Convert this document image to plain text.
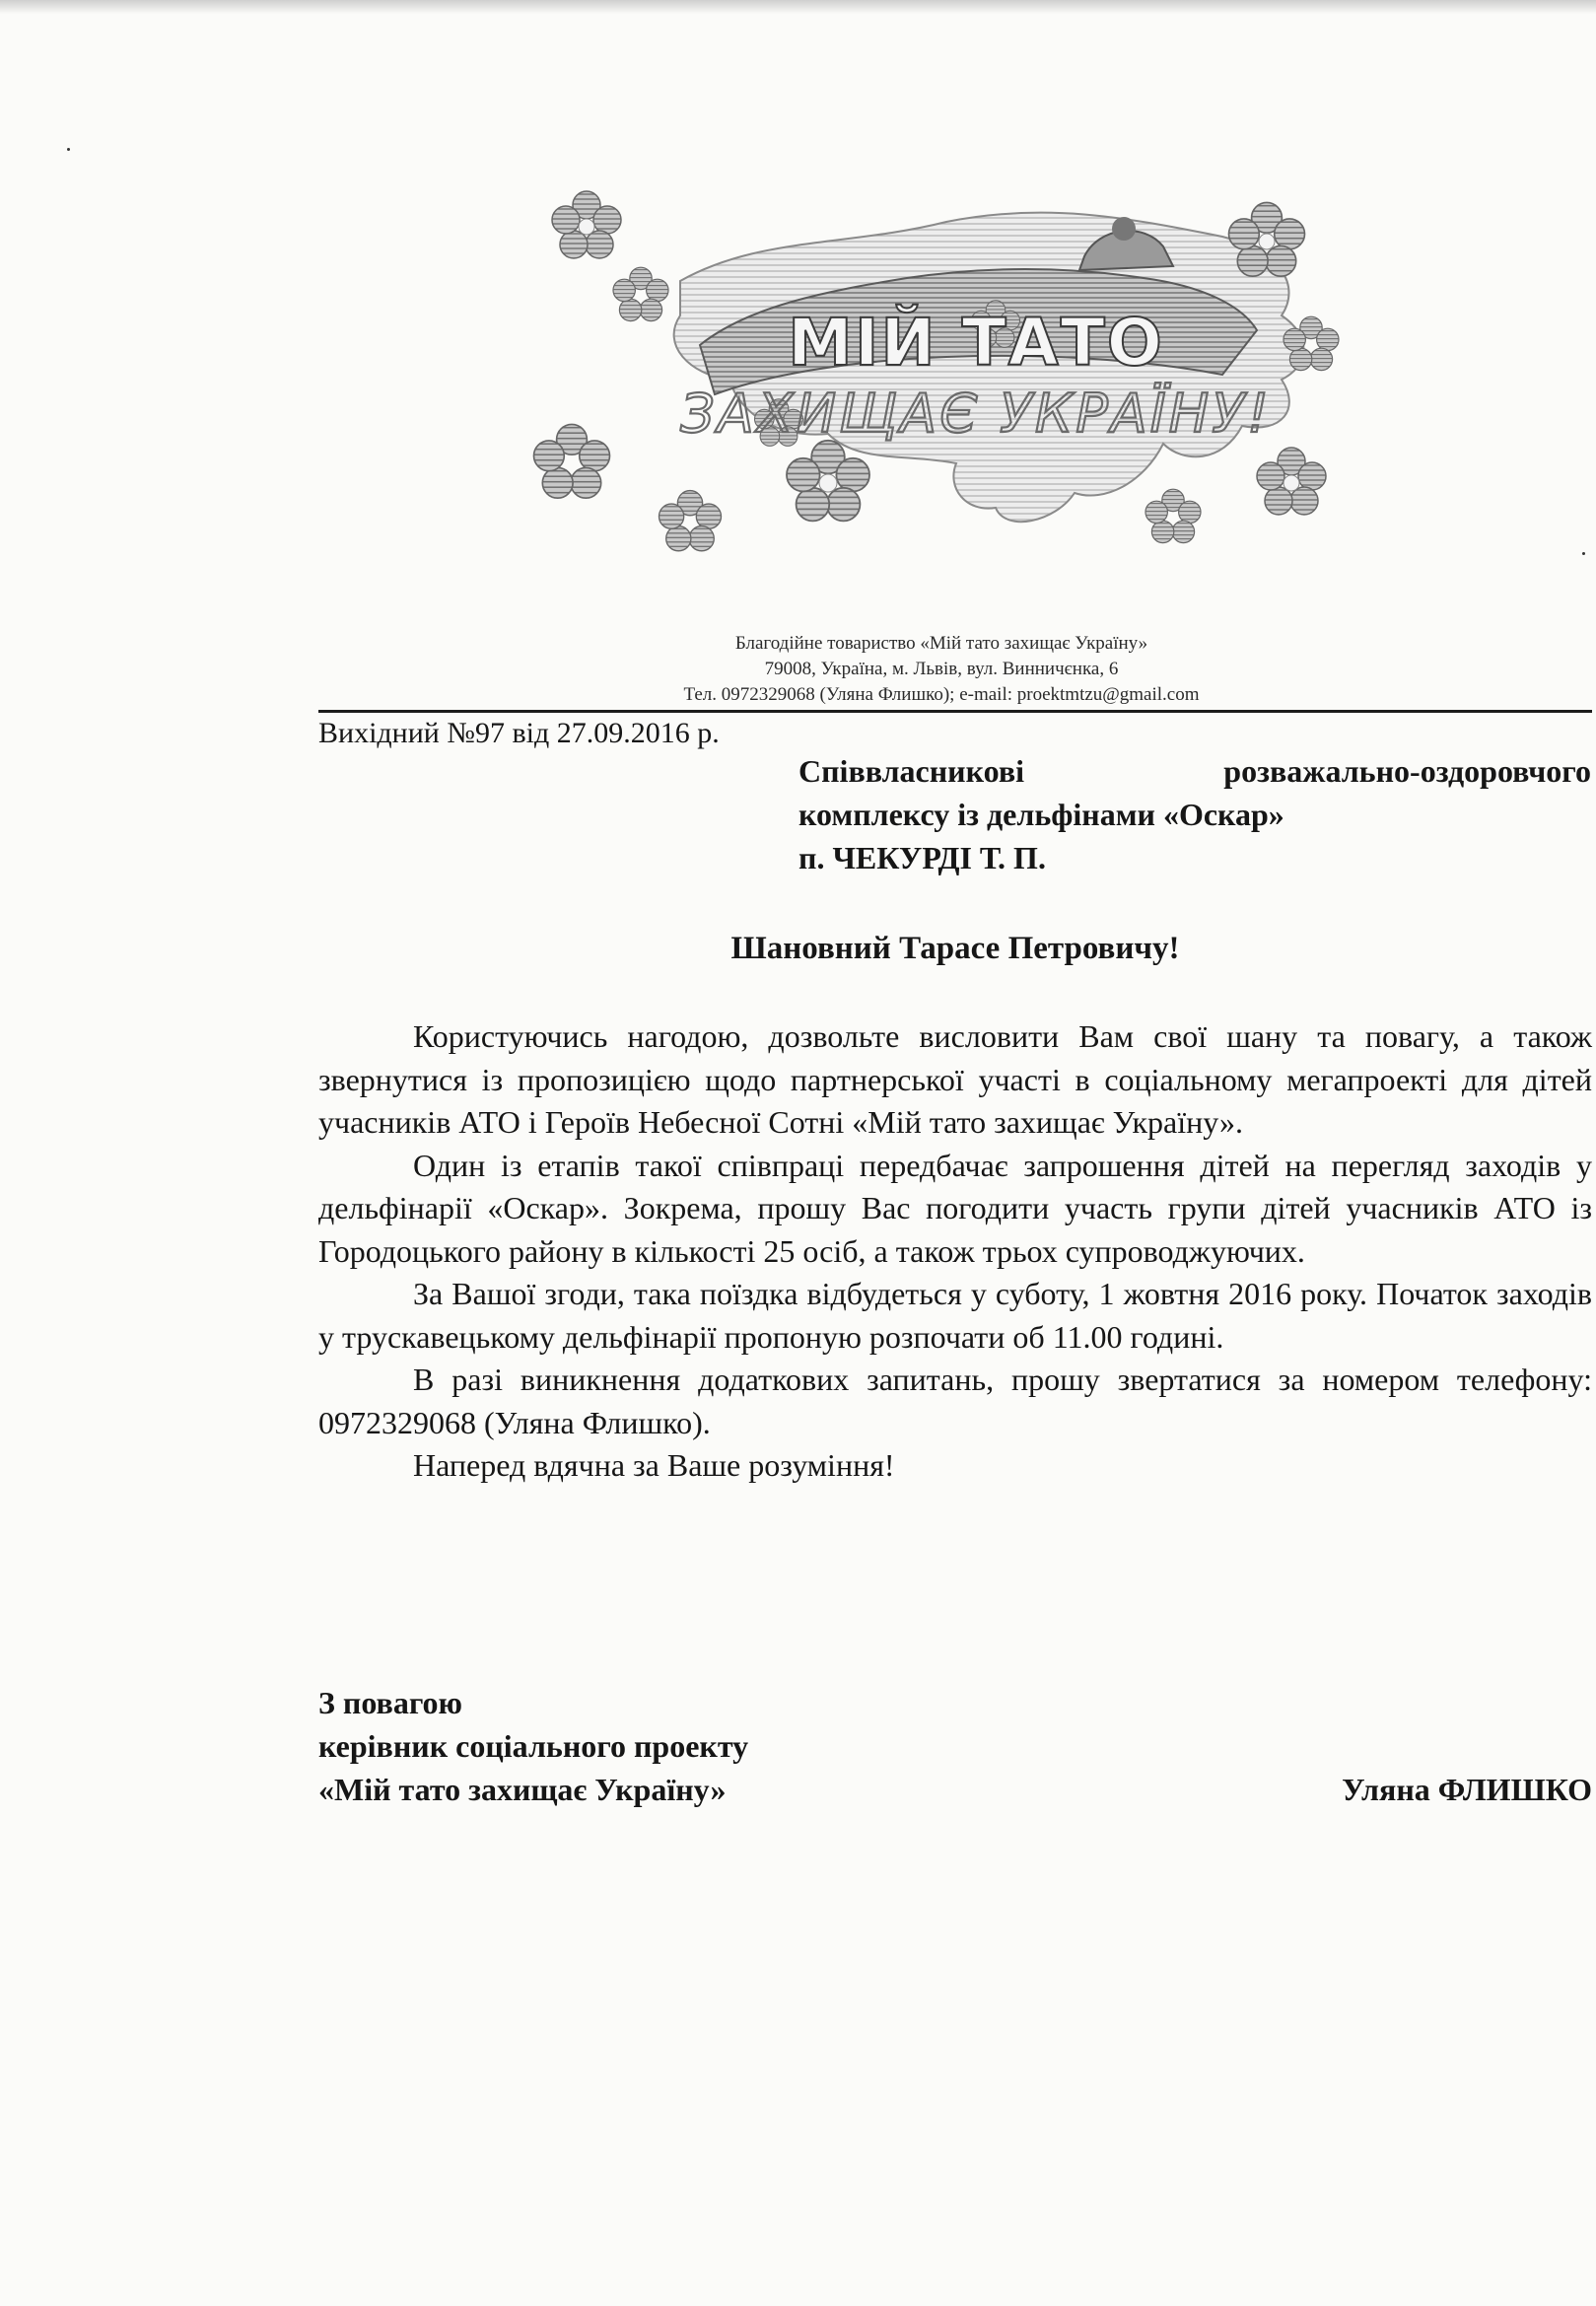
МІЙ ТАТО
ЗАХИЩАЄ УКРАЇНУ!
Благодійне товариство «Мій тато захищає Україну»
79008, Україна, м. Львів, вул. Винничєнка, 6
Тел. 0972329068 (Уляна Флишко); e-mail: proektmtzu@gmail.com
Вихідний №97 від 27.09.2016 р.
Співвласникові розважально-оздоровчого
комплексу із дельфінами «Оскар»
п. ЧЕКУРДІ Т. П.
Шановний Тарасе Петровичу!

Користуючись нагодою, дозвольте висловити Вам свої шану та повагу, а також звернутися із пропозицією щодо партнерської участі в соціальному мегапроекті для дітей учасників АТО і Героїв Небесної Сотні «Мій тато захищає Україну».

Один із етапів такої співпраці передбачає запрошення дітей на перегляд заходів у дельфінарії «Оскар». Зокрема, прошу Вас погодити участь групи дітей учасників АТО із Городоцького району в кількості 25 осіб, а також трьох супроводжуючих.

За Вашої згоди, така поїздка відбудеться у суботу, 1 жовтня 2016 року. Початок заходів у трускавецькому дельфінарії пропоную розпочати об 11.00 годині.

В разі виникнення додаткових запитань, прошу звертатися за номером телефону: 0972329068 (Уляна Флишко).

Наперед вдячна за Ваше розуміння!

З повагою
керівник соціального проекту
«Мій тато захищає Україну»	Уляна ФЛИШКО
